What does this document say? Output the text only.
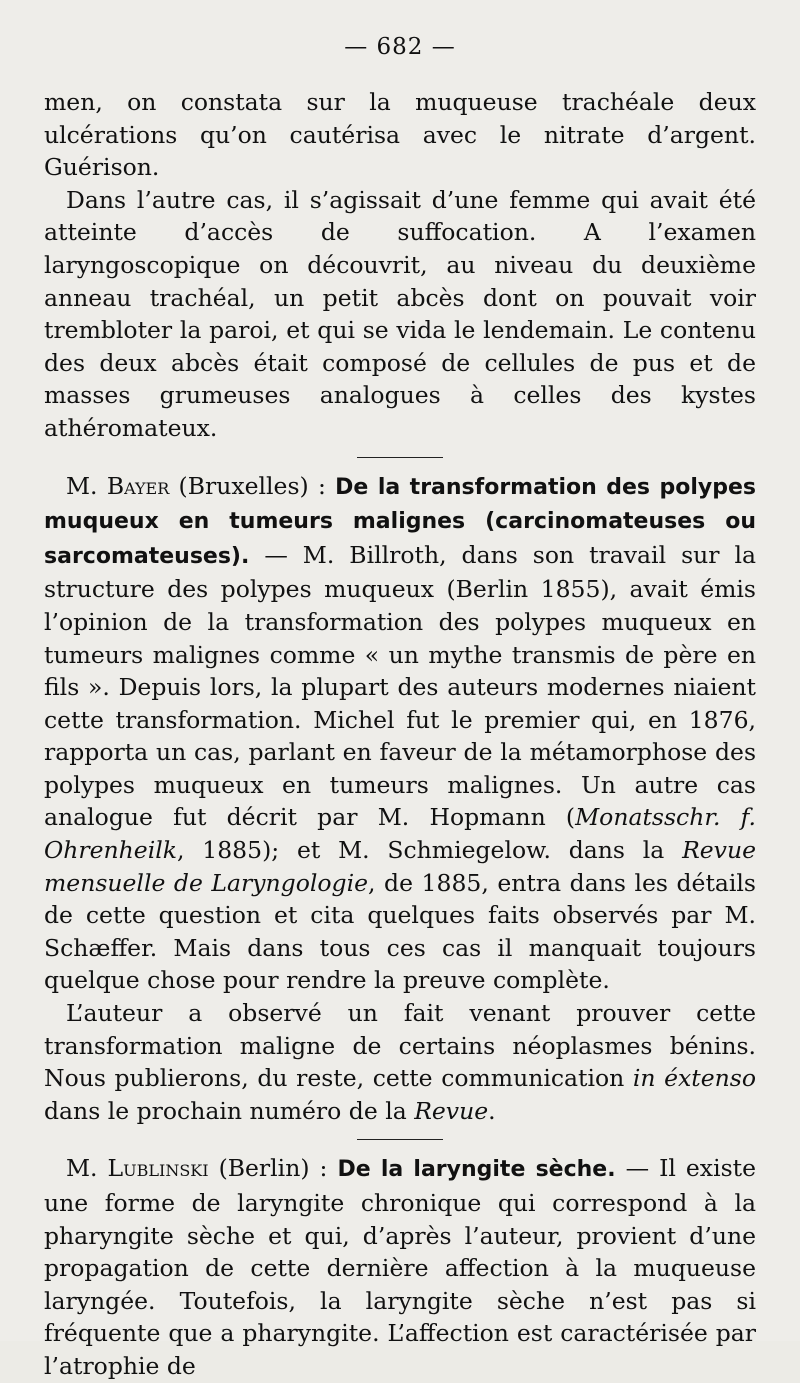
— 682 —

men, on constata sur la muqueuse trachéale deux ulcérations qu’on cautérisa avec le nitrate d’argent. Guérison.

Dans l’autre cas, il s’agissait d’une femme qui avait été atteinte d’accès de suffocation. A l’examen laryngoscopique on découvrit, au niveau du deuxième anneau trachéal, un petit abcès dont on pouvait voir trembloter la paroi, et qui se vida le lendemain. Le contenu des deux abcès était composé de cellules de pus et de masses grumeuses analogues à celles des kystes athéromateux.

M. Bayer (Bruxelles) : De la transformation des polypes muqueux en tumeurs malignes (carcinomateuses ou sarcomateuses). — M. Billroth, dans son travail sur la structure des polypes muqueux (Berlin 1855), avait émis l’opinion de la transformation des polypes muqueux en tumeurs malignes comme « un mythe transmis de père en fils ». Depuis lors, la plupart des auteurs modernes niaient cette transformation. Michel fut le premier qui, en 1876, rapporta un cas, parlant en faveur de la métamorphose des polypes muqueux en tumeurs malignes. Un autre cas analogue fut décrit par M. Hopmann (Monatsschr. f. Ohrenheilk, 1885); et M. Schmiegelow. dans la Revue mensuelle de Laryngologie, de 1885, entra dans les détails de cette question et cita quelques faits observés par M. Schæffer. Mais dans tous ces cas il manquait toujours quelque chose pour rendre la preuve complète.

L’auteur a observé un fait venant prouver cette transformation maligne de certains néoplasmes bénins. Nous publierons, du reste, cette communication in éxtenso dans le prochain numéro de la Revue.

M. Lublinski (Berlin) : De la laryngite sèche. — Il existe une forme de laryngite chronique qui correspond à la pharyngite sèche et qui, d’après l’auteur, provient d’une propagation de cette dernière affection à la muqueuse laryngée. Toutefois, la laryngite sèche n’est pas si fréquente que a pharyngite. L’affection est caractérisée par l’atrophie de
